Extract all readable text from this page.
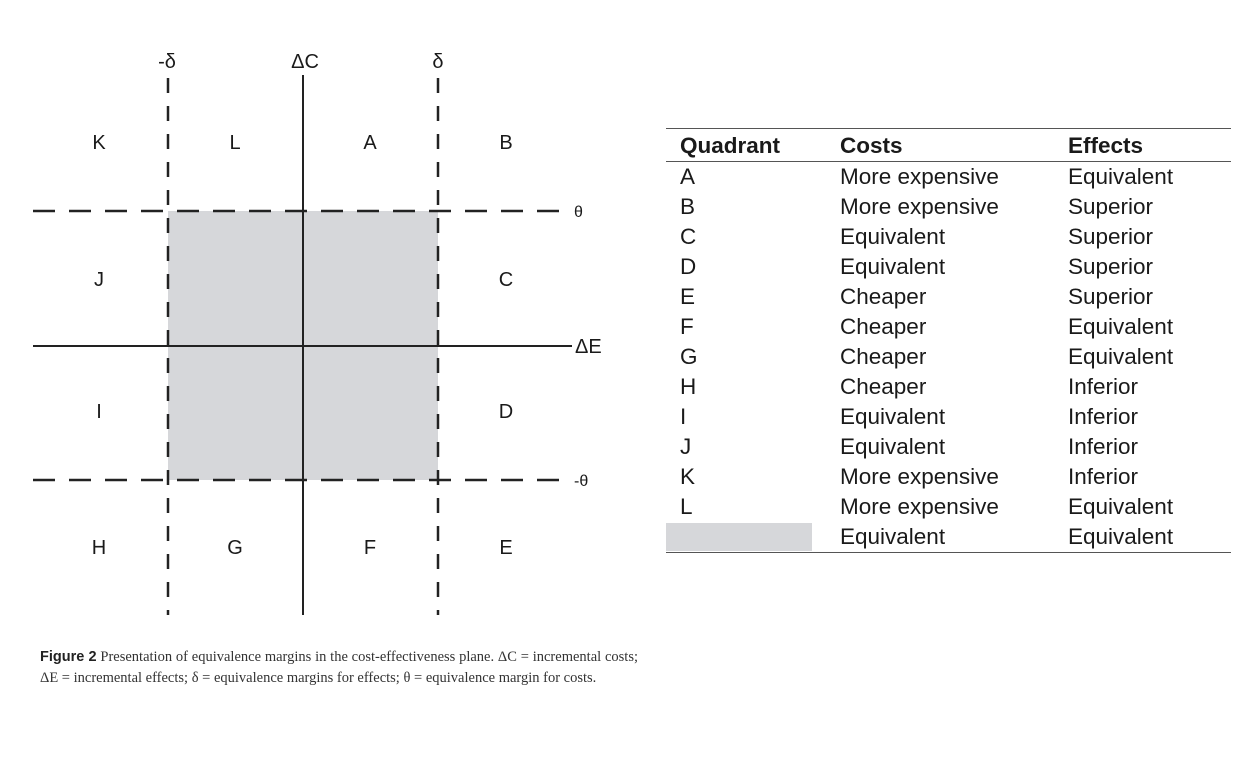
ΔC
ΔE
-δ	δ
θ
-θ
K	L	A	B
J	C
I	D
H	G	F	E
Figure 2 Presentation of equivalence margins in the cost-effectiveness plane. ΔC = incremental costs; ΔE = incremental effects; δ = equivalence margins for effects; θ = equivalence margin for costs.
Quadrant	Costs	Effects
A	More expensive	Equivalent
B	More expensive	Superior
C	Equivalent	Superior
D	Equivalent	Superior
E	Cheaper	Superior
F	Cheaper	Equivalent
G	Cheaper	Equivalent
H	Cheaper	Inferior
I	Equivalent	Inferior
J	Equivalent	Inferior
K	More expensive	Inferior
L	More expensive	Equivalent

	Equivalent	Equivalent
